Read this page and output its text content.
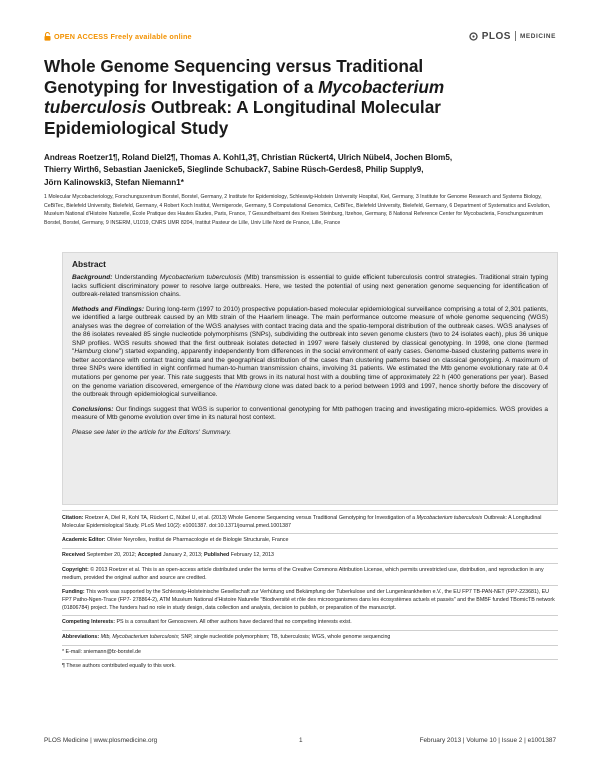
OPEN ACCESS Freely available online	PLOS MEDICINE
Whole Genome Sequencing versus Traditional Genotyping for Investigation of a Mycobacterium tuberculosis Outbreak: A Longitudinal Molecular Epidemiological Study
Andreas Roetzer1¶, Roland Diel2¶, Thomas A. Kohl1,3¶, Christian Rückert4, Ulrich Nübel4, Jochen Blom5,
Thierry Wirth6, Sebastian Jaenicke5, Sieglinde Schuback7, Sabine Rüsch-Gerdes8, Philip Supply9,
Jörn Kalinowski3, Stefan Niemann1*
1 Molecular Mycobacteriology, Forschungszentrum Borstel, Borstel, Germany, 2 Institute for Epidemiology, Schleswig-Holstein University Hospital, Kiel, Germany, 3 Institute for Genome Research and Systems Biology, CeBiTec, Bielefeld University, Bielefeld, Germany, 4 Robert Koch Institut, Wernigerode, Germany, 5 Computational Genomics, CeBiTec, Bielefeld University, Bielefeld, Germany, 6 Department of Systematics and Evolution, Muséum National d'Histoire Naturelle, École Pratique des Hautes Études, Paris, France, 7 Gesundheitsamt des Kreises Steinburg, Itzehoe, Germany, 8 National Reference Center for Mycobacteria, Forschungszentrum Borstel, Borstel, Germany, 9 INSERM, U1019, CNRS UMR 8204, Institut Pasteur de Lille, Univ Lille Nord de France, Lille, France
Abstract

Background: Understanding Mycobacterium tuberculosis (Mtb) transmission is essential to guide efficient tuberculosis control strategies. Traditional strain typing lacks sufficient discriminatory power to resolve large outbreaks. Here, we tested the potential of using next generation genome sequencing for identification of outbreak-related transmission chains.

Methods and Findings: During long-term (1997 to 2010) prospective population-based molecular epidemiological surveillance comprising a total of 2,301 patients, we identified a large outbreak caused by an Mtb strain of the Haarlem lineage. The main performance outcome measure of whole genome sequencing (WGS) analyses was the degree of correlation of the WGS analyses with contact tracing data and the spatio-temporal distribution of the outbreak cases. WGS analyses of the 86 isolates revealed 85 single nucleotide polymorphisms (SNPs), subdividing the outbreak into seven genome clusters (two to 24 isolates each), plus 36 unique SNP profiles. WGS results showed that the first outbreak isolates detected in 1997 were falsely clustered by classical genotyping. In 1998, one clone (termed "Hamburg clone") started expanding, apparently independently from differences in the social environment of early cases. Genome-based clustering patterns were in better accordance with contact tracing data and the geographical distribution of the cases than clustering patterns based on classical genotyping. A maximum of three SNPs were identified in eight confirmed human-to-human transmission chains, involving 31 patients. We estimated the Mtb genome evolutionary rate at 0.4 mutations per genome per year. This rate suggests that Mtb grows in its natural host with a doubling time of approximately 22 h (400 generations per year). Based on the genome variation discovered, emergence of the Hamburg clone was dated back to a period between 1993 and 1997, hence shortly before the discovery of the outbreak through epidemiological surveillance.

Conclusions: Our findings suggest that WGS is superior to conventional genotyping for Mtb pathogen tracing and investigating micro-epidemics. WGS provides a measure of Mtb genome evolution over time in its natural host context.

Please see later in the article for the Editors' Summary.

Citation: Roetzer A, Diel R, Kohl TA, Rückert C, Nübel U, et al. (2013) Whole Genome Sequencing versus Traditional Genotyping for Investigation of a Mycobacterium tuberculosis Outbreak: A Longitudinal Molecular Epidemiological Study. PLoS Med 10(2): e1001387. doi:10.1371/journal.pmed.1001387
Academic Editor: Olivier Neyrolles, Institut de Pharmacologie et de Biologie Structurale, France
Received September 20, 2012; Accepted January 2, 2013; Published February 12, 2013
Copyright: © 2013 Roetzer et al. This is an open-access article distributed under the terms of the Creative Commons Attribution License, which permits unrestricted use, distribution, and reproduction in any medium, provided the original author and source are credited.
Funding: This work was supported by the Schleswig-Holsteinische Gesellschaft zur Verhütung und Bekämpfung der Tuberkulose und der Lungenkrankheiten e.V., the EU FP7 TB-PAN-NET (FP7-223681), EU FP7 Patho-Ngen-Trace (FP7- 278864-2), ATM Muséum National d'Histoire Naturelle "Biodiversité et rôle des microorganismes dans les écosystèmes actuels et passés" and the BMBF funded TBomicTB network (01806784) project. The funders had no role in study design, data collection and analysis, decision to publish, or preparation of the manuscript.
Competing Interests: PS is a consultant for Genoscreen. All other authors have declared that no competing interests exist.
Abbreviations: Mtb, Mycobacterium tuberculosis; SNP, single nucleotide polymorphism; TB, tuberculosis; WGS, whole genome sequencing
* E-mail: sniemann@fz-borstel.de
¶ These authors contributed equally to this work.
PLOS Medicine | www.plosmedicine.org	1	February 2013 | Volume 10 | Issue 2 | e1001387
